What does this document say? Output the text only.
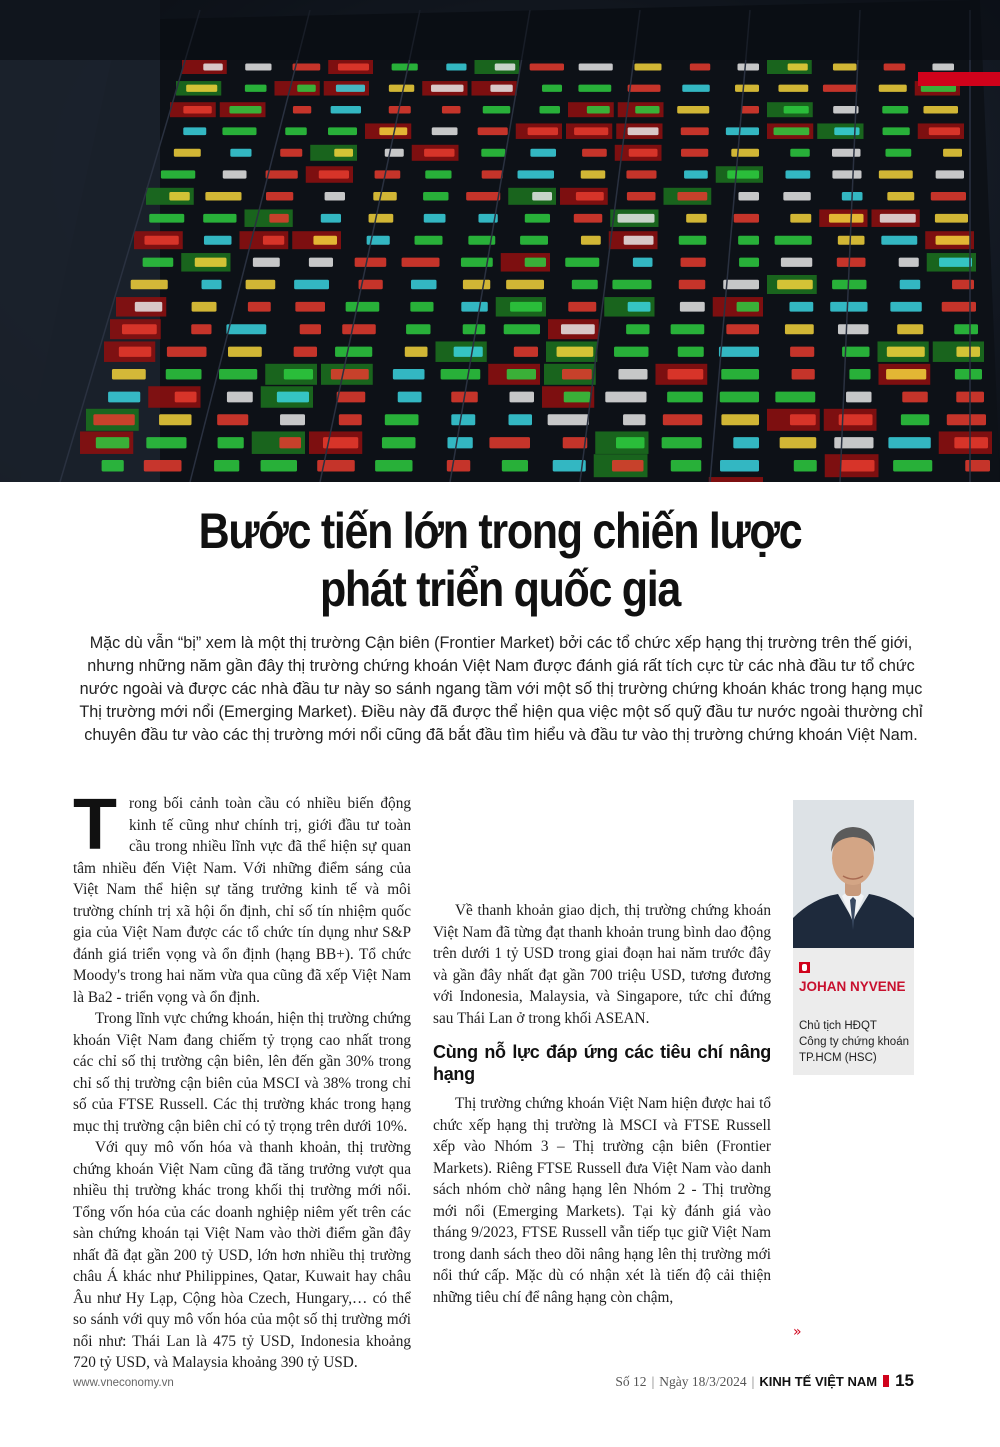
Bước tiến lớn trong chiến lược
phát triển quốc gia

Mặc dù vẫn “bị” xem là một thị trường Cận biên (Frontier Market) bởi các tổ chức xếp hạng thị trường trên thế giới, nhưng những năm gần đây thị trường chứng khoán Việt Nam được đánh giá rất tích cực từ các nhà đầu tư tổ chức nước ngoài và được các nhà đầu tư này so sánh ngang tầm với một số thị trường chứng khoán khác trong hạng mục Thị trường mới nổi (Emerging Market). Điều này đã được thể hiện qua việc một số quỹ đầu tư nước ngoài thường chỉ chuyên đầu tư vào các thị trường mới nổi cũng đã bắt đầu tìm hiểu và đầu tư vào thị trường chứng khoán Việt Nam.

Trong bối cảnh toàn cầu có nhiều biến động kinh tế cũng như chính trị, giới đầu tư toàn cầu trong nhiều lĩnh vực đã thể hiện sự quan tâm nhiều đến Việt Nam. Với những điểm sáng của Việt Nam thể hiện sự tăng trưởng kinh tế và môi trường chính trị xã hội ổn định, chỉ số tín nhiệm quốc gia của Việt Nam được các tổ chức tín dụng như S&P đánh giá triển vọng và ổn định (hạng BB+). Tổ chức Moody's trong hai năm vừa qua cũng đã xếp Việt Nam là Ba2 - triển vọng và ổn định.

Trong lĩnh vực chứng khoán, hiện thị trường chứng khoán Việt Nam đang chiếm tỷ trọng cao nhất trong các chỉ số thị trường cận biên, lên đến gần 30% trong chỉ số thị trường cận biên của MSCI và 38% trong chỉ số của FTSE Russell. Các thị trường khác trong hạng mục thị trường cận biên chỉ có tỷ trọng trên dưới 10%.

Với quy mô vốn hóa và thanh khoản, thị trường chứng khoán Việt Nam cũng đã tăng trưởng vượt qua nhiều thị trường khác trong khối thị trường mới nổi. Tổng vốn hóa của các doanh nghiệp niêm yết trên các sàn chứng khoán tại Việt Nam vào thời điểm gần đây nhất đã đạt gần 200 tỷ USD, lớn hơn nhiều thị trường châu Á khác như Philippines, Qatar, Kuwait hay châu Âu như Hy Lạp, Cộng hòa Czech, Hungary,… có thể so sánh với quy mô vốn hóa của một số thị trường mới nổi như: Thái Lan là 475 tỷ USD, Indonesia khoảng 720 tỷ USD, và Malaysia khoảng 390 tỷ USD.

Về thanh khoản giao dịch, thị trường chứng khoán Việt Nam đã từng đạt thanh khoản trung bình dao động trên dưới 1 tỷ USD trong giai đoạn hai năm trước đây và gần đây nhất đạt gần 700 triệu USD, tương đương với Indonesia, Malaysia, và Singapore, tức chỉ đứng sau Thái Lan ở trong khối ASEAN.

Cùng nỗ lực đáp ứng các tiêu chí nâng hạng

Thị trường chứng khoán Việt Nam hiện được hai tổ chức xếp hạng thị trường là MSCI và FTSE Russell xếp vào Nhóm 3 – Thị trường cận biên (Frontier Markets). Riêng FTSE Russell đưa Việt Nam vào danh sách nhóm chờ nâng hạng lên Nhóm 2 - Thị trường mới nổi (Emerging Markets). Tại kỳ đánh giá vào tháng 9/2023, FTSE Russell vẫn tiếp tục giữ Việt Nam trong danh sách theo dõi nâng hạng lên thị trường mới nổi thứ cấp. Mặc dù có nhận xét là tiến độ cải thiện những tiêu chí để nâng hạng còn chậm,

JOHAN NYVENE
Chủ tịch HĐQT
Công ty chứng khoán TP.HCM (HSC)
»
www.vneconomy.vn	Số 12 | Ngày 18/3/2024 | KINH TẾ VIỆT NAM 15
